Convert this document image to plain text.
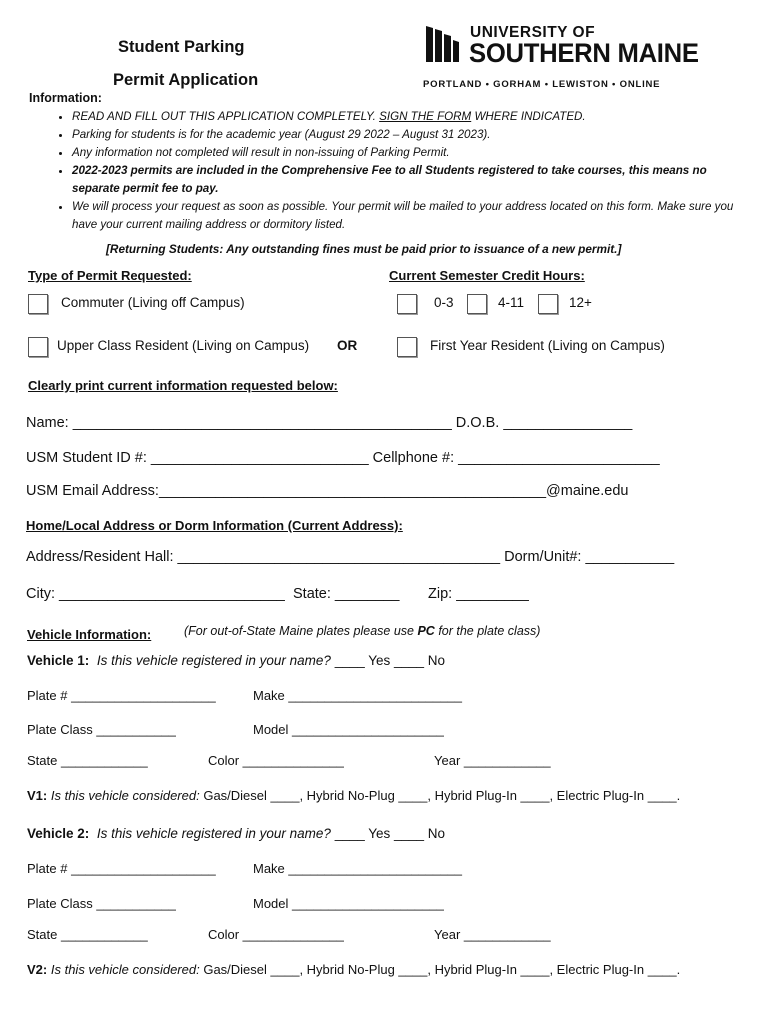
Student Parking
Permit Application
UNIVERSITY OF
SOUTHERN MAINE
PORTLAND • GORHAM • LEWISTON • ONLINE
Information:
• READ AND FILL OUT THIS APPLICATION COMPLETELY. SIGN THE FORM WHERE INDICATED.
• Parking for students is for the academic year (August 29 2022 – August 31 2023).
• Any information not completed will result in non-issuing of Parking Permit.
• 2022-2023 permits are included in the Comprehensive Fee to all Students registered to take courses, this means no separate permit fee to pay.
• We will process your request as soon as possible. Your permit will be mailed to your address located on this form. Make sure you have your current mailing address or dormitory listed.
[Returning Students: Any outstanding fines must be paid prior to issuance of a new permit.]
Type of Permit Requested:
Commuter (Living off Campus)
Upper Class Resident (Living on Campus) OR	First Year Resident (Living on Campus)
Current Semester Credit Hours:
0-3	4-11	12+
Clearly print current information requested below:
Name: _______________________________________________ D.O.B. ________________
USM Student ID #: ___________________________ Cellphone #: _________________________
USM Email Address:________________________________________________@maine.edu
Home/Local Address or Dorm Information (Current Address):
Address/Resident Hall: ________________________________________ Dorm/Unit#: ___________
City: ____________________________ State: ________ Zip: _________
Vehicle Information:	(For out-of-State Maine plates please use PC for the plate class)
Vehicle 1: Is this vehicle registered in your name? ____ Yes ____ No
Plate # ____________________	Make ________________________
Plate Class ___________	Model _____________________
State ____________	Color ______________	Year ____________
V1: Is this vehicle considered: Gas/Diesel ____, Hybrid No-Plug ____, Hybrid Plug-In ____, Electric Plug-In ____.
Vehicle 2: Is this vehicle registered in your name? ____ Yes ____ No
Plate # ____________________	Make ________________________
Plate Class ___________	Model _____________________
State ____________	Color ______________	Year ____________
V2: Is this vehicle considered: Gas/Diesel ____, Hybrid No-Plug ____, Hybrid Plug-In ____, Electric Plug-In ____.
